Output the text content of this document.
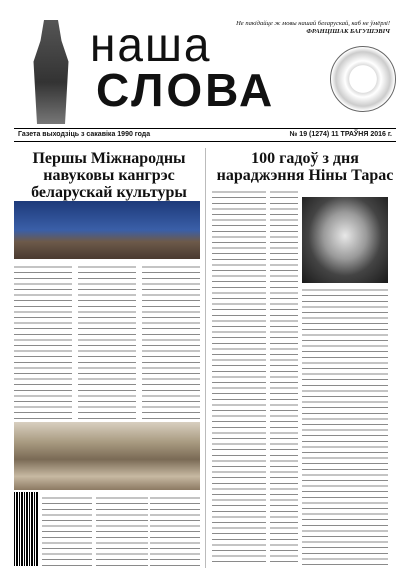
наша
СЛОВА
Не пакідайце ж мовы нашай беларускай, каб не ўмёрлі!
ФРАНЦІШАК БАГУШЭВІЧ
Газета выходзіць з сакавіка 1990 года	№ 19 (1274) 11 ТРАЎНЯ 2016 г.
Першы Міжнародны навуковы кангрэс беларускай культуры
100 гадоў з дня нараджэння Ніны Тарас
